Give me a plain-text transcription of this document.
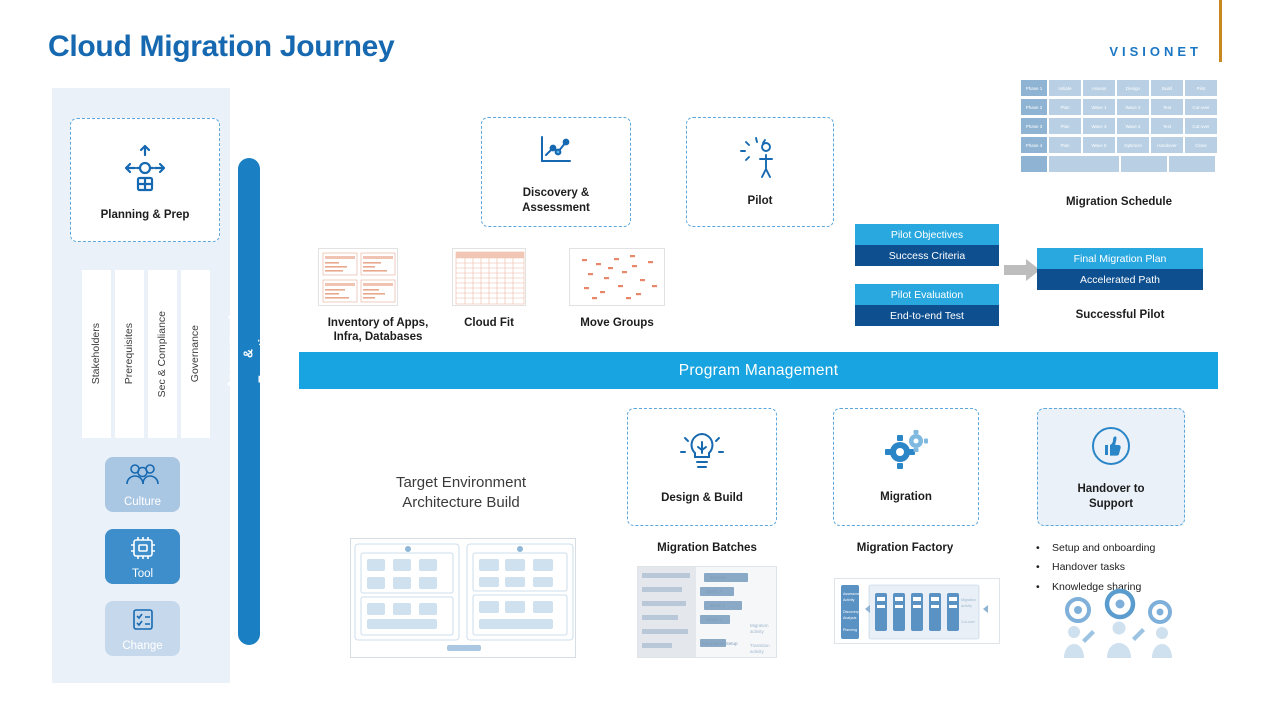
Cloud Migration Journey	VISIONET
Planning & Prep
Stakeholders Prerequisites Sec & Compliance Governance
Culture
Tool
Change
Assessment &
Execution
Discovery &
Assessment
Pilot
Design & Build	Migration
Handover to
Support
Inventory of Apps,
Infra, Databases
Cloud Fit	Move Groups
Pilot Objectives
Success Criteria
Pilot Evaluation
End-to-end Test
Final Migration Plan
Accelerated Path
Successful Pilot
Phase 1	Initiate	Assess	Design	Build	Pilot
Phase 2	Plan	Wave 1	Wave 2	Test	Cut-over
Phase 3	Plan	Wave 3	Wave 4	Test	Cut-over
Phase 4	Plan	Wave 5	Optimize	Handover	Close

Migration Schedule
Program Management
Target Environment
Architecture Build
Migration Batches
Batches
Batch 3
Batch 2
Batch 1
Foundation Setup
Migration
activity
Transition
activity
Migration Factory
Assessment
Activity
Discovery
Analysis
Planning
Migration
activity
Cut-over
• Setup and onboarding
• Handover tasks
• Knowledge sharing
